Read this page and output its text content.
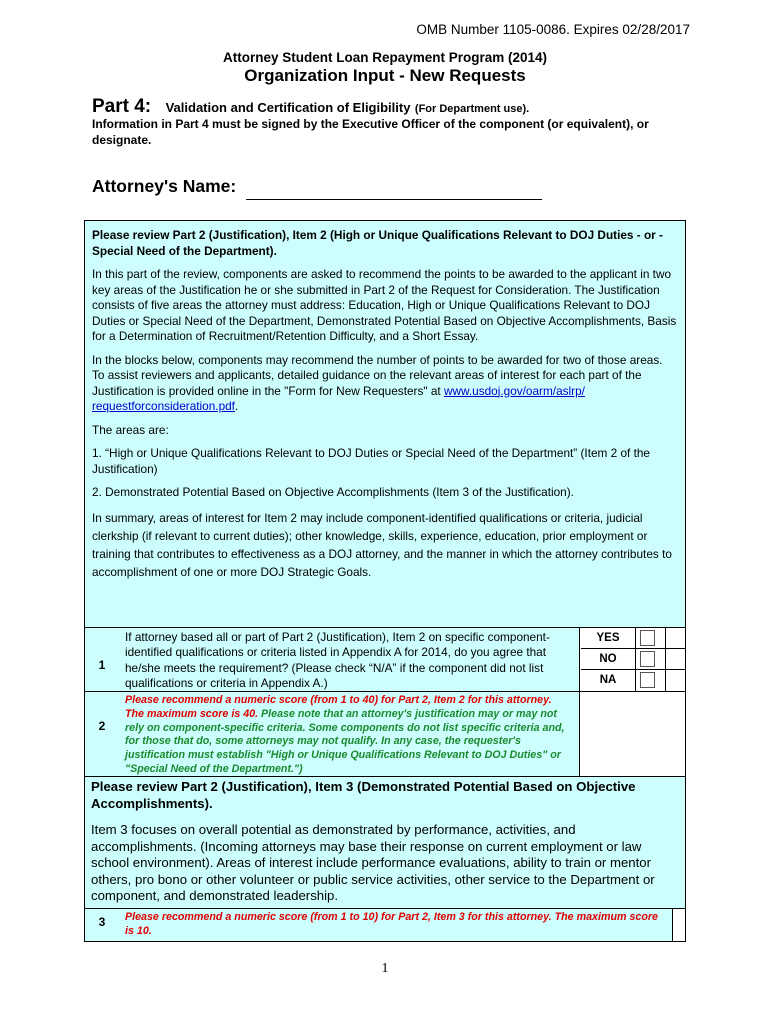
OMB Number 1105-0086. Expires 02/28/2017
Attorney Student Loan Repayment Program (2014)
Organization Input - New Requests
Part 4: Validation and Certification of Eligibility (For Department use).
Information in Part 4 must be signed by the Executive Officer of the component (or equivalent), or designate.
Attorney's Name:

Please review Part 2 (Justification), Item 2 (High or Unique Qualifications Relevant to DOJ Duties - or - Special Need of the Department).

In this part of the review, components are asked to recommend the points to be awarded to the applicant in two key areas of the Justification he or she submitted in Part 2 of the Request for Consideration. The Justification consists of five areas the attorney must address: Education, High or Unique Qualifications Relevant to DOJ Duties or Special Need of the Department, Demonstrated Potential Based on Objective Accomplishments, Basis for a Determination of Recruitment/Retention Difficulty, and a Short Essay.

In the blocks below, components may recommend the number of points to be awarded for two of those areas. To assist reviewers and applicants, detailed guidance on the relevant areas of interest for each part of the Justification is provided online in the "Form for New Requesters" at www.usdoj.gov/oarm/aslrp/ requestforconsideration.pdf.

The areas are:

1. “High or Unique Qualifications Relevant to DOJ Duties or Special Need of the Department” (Item 2 of the Justification)

2. Demonstrated Potential Based on Objective Accomplishments (Item 3 of the Justification).

In summary, areas of interest for Item 2 may include component-identified qualifications or criteria, judicial clerkship (if relevant to current duties); other knowledge, skills, experience, education, prior employment or training that contributes to effectiveness as a DOJ attorney, and the manner in which the attorney contributes to accomplishment of one or more DOJ Strategic Goals.

1
If attorney based all or part of Part 2 (Justification), Item 2 on specific component-identified qualifications or criteria listed in Appendix A for 2014, do you agree that he/she meets the requirement? (Please check “N/A” if the component did not list qualifications or criteria in Appendix A.)
YES
NO
NA
2
Please recommend a numeric score (from 1 to 40) for Part 2, Item 2 for this attorney. The maximum score is 40. Please note that an attorney's justification may or may not rely on component-specific criteria. Some components do not list specific criteria and, for those that do, some attorneys may not qualify. In any case, the requester's justification must establish "High or Unique Qualifications Relevant to DOJ Duties" or "Special Need of the Department.")

Please review Part 2 (Justification), Item 3 (Demonstrated Potential Based on Objective Accomplishments).

Item 3 focuses on overall potential as demonstrated by performance, activities, and accomplishments. (Incoming attorneys may base their response on current employment or law school environment). Areas of interest include performance evaluations, ability to train or mentor others, pro bono or other volunteer or public service activities, other service to the Department or component, and demonstrated leadership.

3	Please recommend a numeric score (from 1 to 10) for Part 2, Item 3 for this attorney. The maximum score is 10.
1
